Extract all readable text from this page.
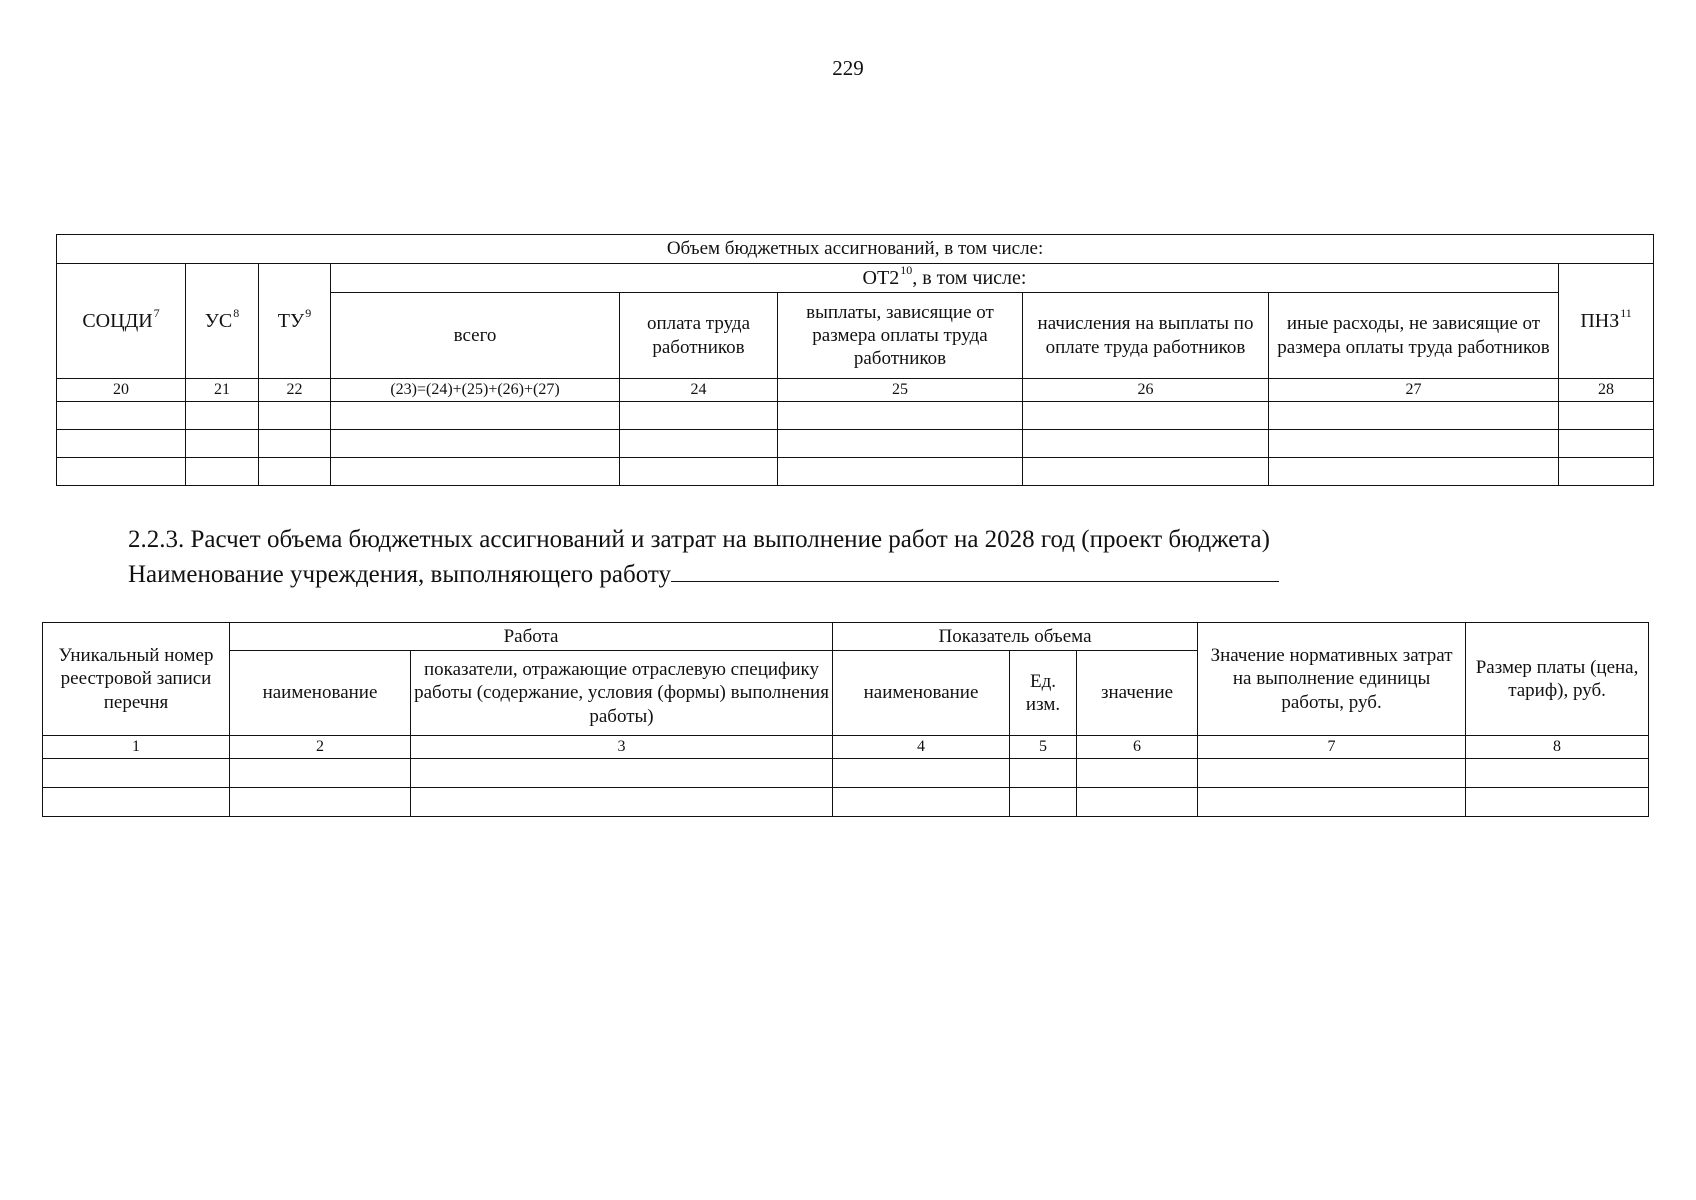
229
Объем бюджетных ассигнований, в том числе:								
СОЦДИ$^7$	$УС^8$	$ТУ^9$	$ОТ2^{10}$, в том числе:					ПНЗ$^{11}$
			всего	оплата труда работников	выплаты, зависящие от размера оплаты труда работников	начисления на выплаты по оплате труда работников	иные расходы, не зависящие от размера оплаты труда работников
20	21	22	(23)=(24)+(25)+(26)+(27)	24	25	26	27	28

2.2.3. Расчет объема бюджетных ассигнований и затрат на выполнение работ на 2028 год (проект бюджета)
Наименование учреждения, выполняющего работу
Уникальный номер реестровой записи перечня	Работа		Показатель объема			Значение нормативных затрат на выполнение единицы работы, руб.	Размер платы (цена, тариф), руб.
	наименование	показатели, отражающие отраслевую специфику работы (содержание, условия (формы) выполнения работы)	наименование	Ед. изм.	значение		
1	2	3	4	5	6	7	8
